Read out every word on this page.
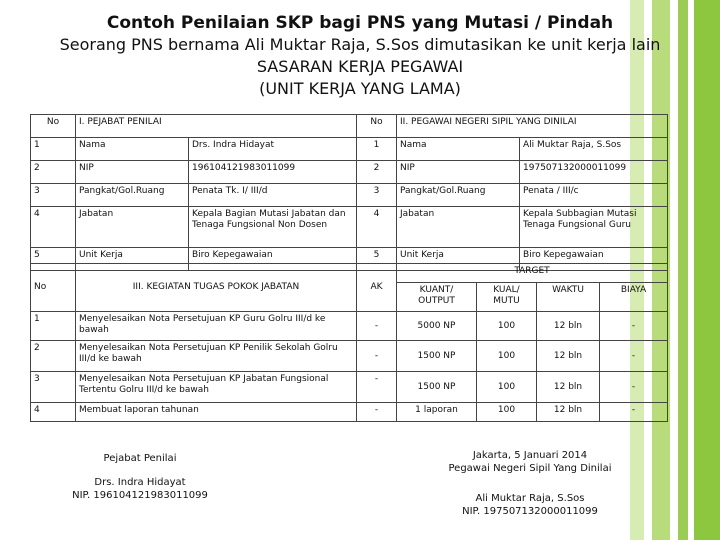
Contoh Penilaian SKP bagi PNS yang Mutasi / Pindah
Seorang PNS bernama Ali Muktar Raja, S.Sos dimutasikan ke unit kerja lain
SASARAN KERJA PEGAWAI
(UNIT KERJA YANG LAMA)
No	I. PEJABAT PENILAI		No	II. PEGAWAI NEGERI SIPIL YANG DINILAI	
1	Nama	Drs. Indra Hidayat	1	Nama	Ali Muktar Raja, S.Sos
2	NIP	196104121983011099	2	NIP	197507132000011099
3	Pangkat/Gol.Ruang	Penata Tk. I/ III/d	3	Pangkat/Gol.Ruang	Penata / III/c
4	Jabatan	Kepala Bagian Mutasi Jabatan dan Tenaga Fungsional Non Dosen	4	Jabatan	Kepala Subbagian Mutasi Tenaga Fungsional Guru
5	Unit Kerja	Biro Kepegawaian	5	Unit Kerja	Biro Kepegawaian
No	III. KEGIATAN TUGAS POKOK JABATAN	AK	TARGET			
			KUANT/ OUTPUT	KUAL/ MUTU	WAKTU	BIAYA
1	Menyelesaikan Nota Persetujuan KP Guru Golru III/d ke bawah	-	5000 NP	100	12 bln	-
2	Menyelesaikan Nota Persetujuan KP Penilik Sekolah Golru III/d ke bawah	-	1500 NP	100	12 bln	-
3	Menyelesaikan Nota Persetujuan KP Jabatan Fungsional Tertentu Golru III/d ke bawah	-	1500 NP	100	12 bln	-
4	Membuat laporan tahunan	-	1 laporan	100	12 bln	-
Pejabat Penilai
Drs. Indra Hidayat
NIP. 196104121983011099
Jakarta, 5 Januari 2014
Pegawai Negeri Sipil Yang Dinilai
Ali Muktar Raja, S.Sos
NIP. 197507132000011099
